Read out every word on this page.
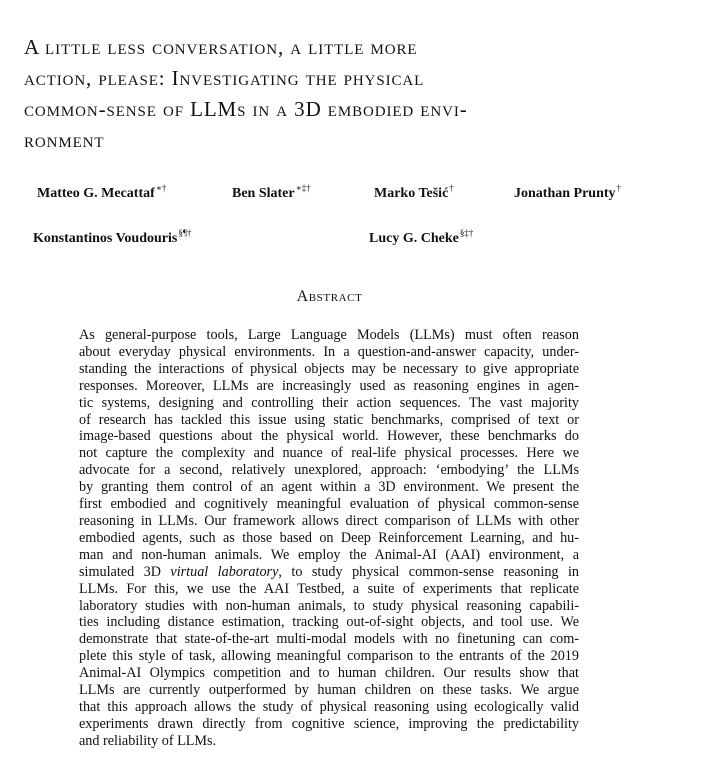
A little less conversation, a little more
action, please: Investigating the physical
common-sense of LLMs in a 3D embodied envi-
ronment
Matteo G. Mecattaf∗†	Ben Slater∗‡†	Marko Tešić†	Jonathan Prunty†
Konstantinos Voudouris§¶†	Lucy G. Cheke§‡†
Abstract
As general-purpose tools, Large Language Models (LLMs) must often reason
about everyday physical environments. In a question-and-answer capacity, under-
standing the interactions of physical objects may be necessary to give appropriate
responses. Moreover, LLMs are increasingly used as reasoning engines in agen-
tic systems, designing and controlling their action sequences. The vast majority
of research has tackled this issue using static benchmarks, comprised of text or
image-based questions about the physical world. However, these benchmarks do
not capture the complexity and nuance of real-life physical processes. Here we
advocate for a second, relatively unexplored, approach: ‘embodying’ the LLMs
by granting them control of an agent within a 3D environment. We present the
first embodied and cognitively meaningful evaluation of physical common-sense
reasoning in LLMs. Our framework allows direct comparison of LLMs with other
embodied agents, such as those based on Deep Reinforcement Learning, and hu-
man and non-human animals. We employ the Animal-AI (AAI) environment, a
simulated 3D virtual laboratory, to study physical common-sense reasoning in
LLMs. For this, we use the AAI Testbed, a suite of experiments that replicate
laboratory studies with non-human animals, to study physical reasoning capabili-
ties including distance estimation, tracking out-of-sight objects, and tool use. We
demonstrate that state-of-the-art multi-modal models with no finetuning can com-
plete this style of task, allowing meaningful comparison to the entrants of the 2019
Animal-AI Olympics competition and to human children. Our results show that
LLMs are currently outperformed by human children on these tasks. We argue
that this approach allows the study of physical reasoning using ecologically valid
experiments drawn directly from cognitive science, improving the predictability
and reliability of LLMs.
